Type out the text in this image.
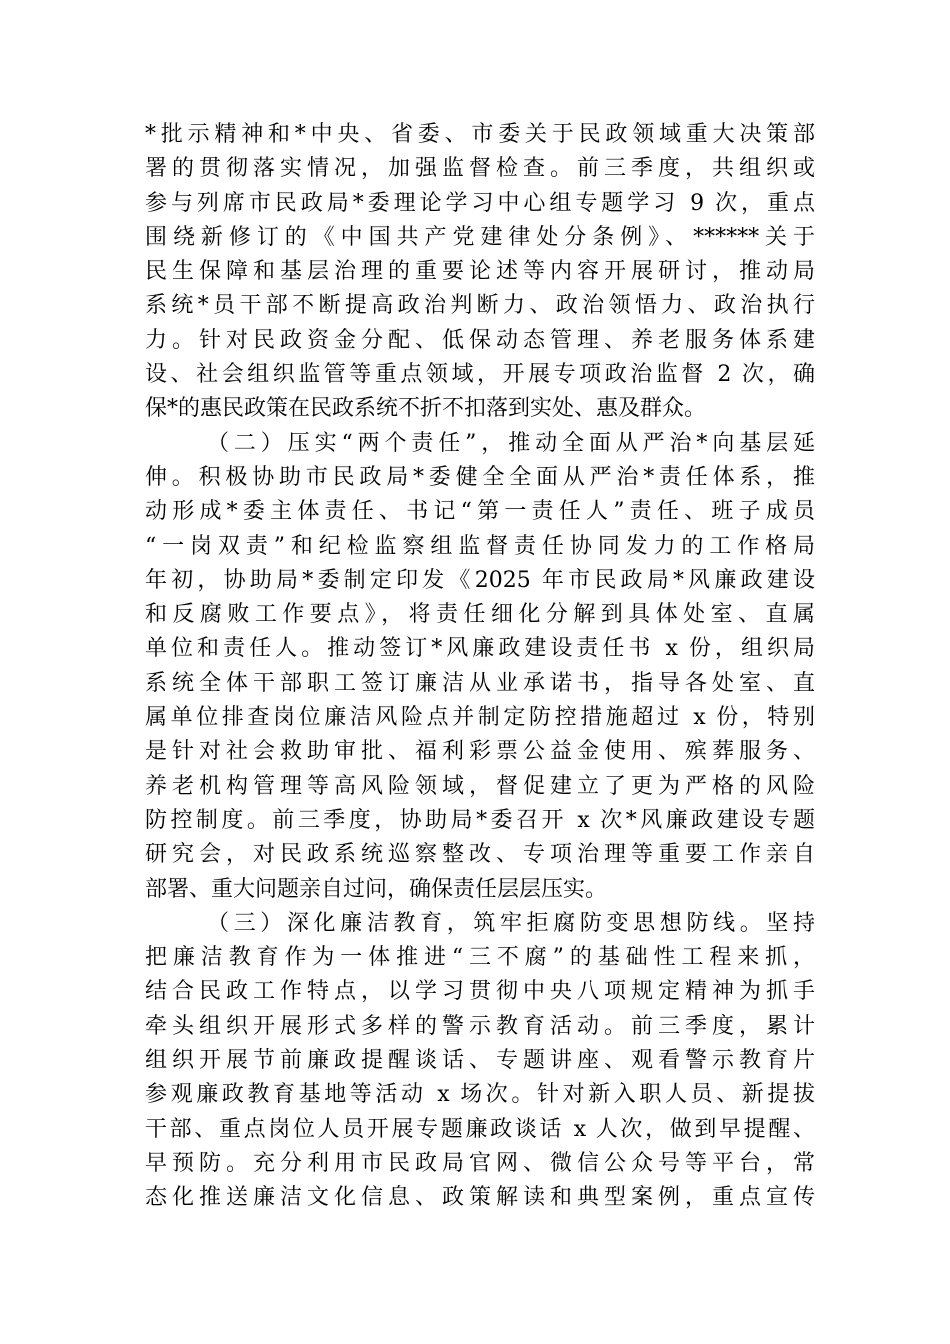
*批示精神和*中央、省委、市委关于民政领域重大决策部
署的贯彻落实情况，加强监督检查。前三季度，共组织或
参与列席市民政局*委理论学习中心组专题学习 9 次，重点
围绕新修订的《中国共产党建律处分条例》、******关于
民生保障和基层治理的重要论述等内容开展研讨，推动局
系统*员干部不断提高政治判断力、政治领悟力、政治执行
力。针对民政资金分配、低保动态管理、养老服务体系建
设、社会组织监管等重点领域，开展专项政治监督 2 次，确
保*的惠民政策在民政系统不折不扣落到实处、惠及群众。
（二）压实“两个责任”，推动全面从严治*向基层延
伸。积极协助市民政局*委健全全面从严治*责任体系，推
动形成*委主体责任、书记“第一责任人”责任、班子成员
“一岗双责”和纪检监察组监督责任协同发力的工作格局
年初，协助局*委制定印发《2025 年市民政局*风廉政建设
和反腐败工作要点》，将责任细化分解到具体处室、直属
单位和责任人。推动签订*风廉政建设责任书 x 份，组织局
系统全体干部职工签订廉洁从业承诺书，指导各处室、直
属单位排查岗位廉洁风险点并制定防控措施超过 x 份，特别
是针对社会救助审批、福利彩票公益金使用、殡葬服务、
养老机构管理等高风险领域，督促建立了更为严格的风险
防控制度。前三季度，协助局*委召开 x 次*风廉政建设专题
研究会，对民政系统巡察整改、专项治理等重要工作亲自
部署、重大问题亲自过问，确保责任层层压实。
（三）深化廉洁教育，筑牢拒腐防变思想防线。坚持
把廉洁教育作为一体推进“三不腐”的基础性工程来抓，
结合民政工作特点，以学习贯彻中央八项规定精神为抓手
牵头组织开展形式多样的警示教育活动。前三季度，累计
组织开展节前廉政提醒谈话、专题讲座、观看警示教育片
参观廉政教育基地等活动 x 场次。针对新入职人员、新提拔
干部、重点岗位人员开展专题廉政谈话 x 人次，做到早提醒、
早预防。充分利用市民政局官网、微信公众号等平台，常
态化推送廉洁文化信息、政策解读和典型案例，重点宣传
